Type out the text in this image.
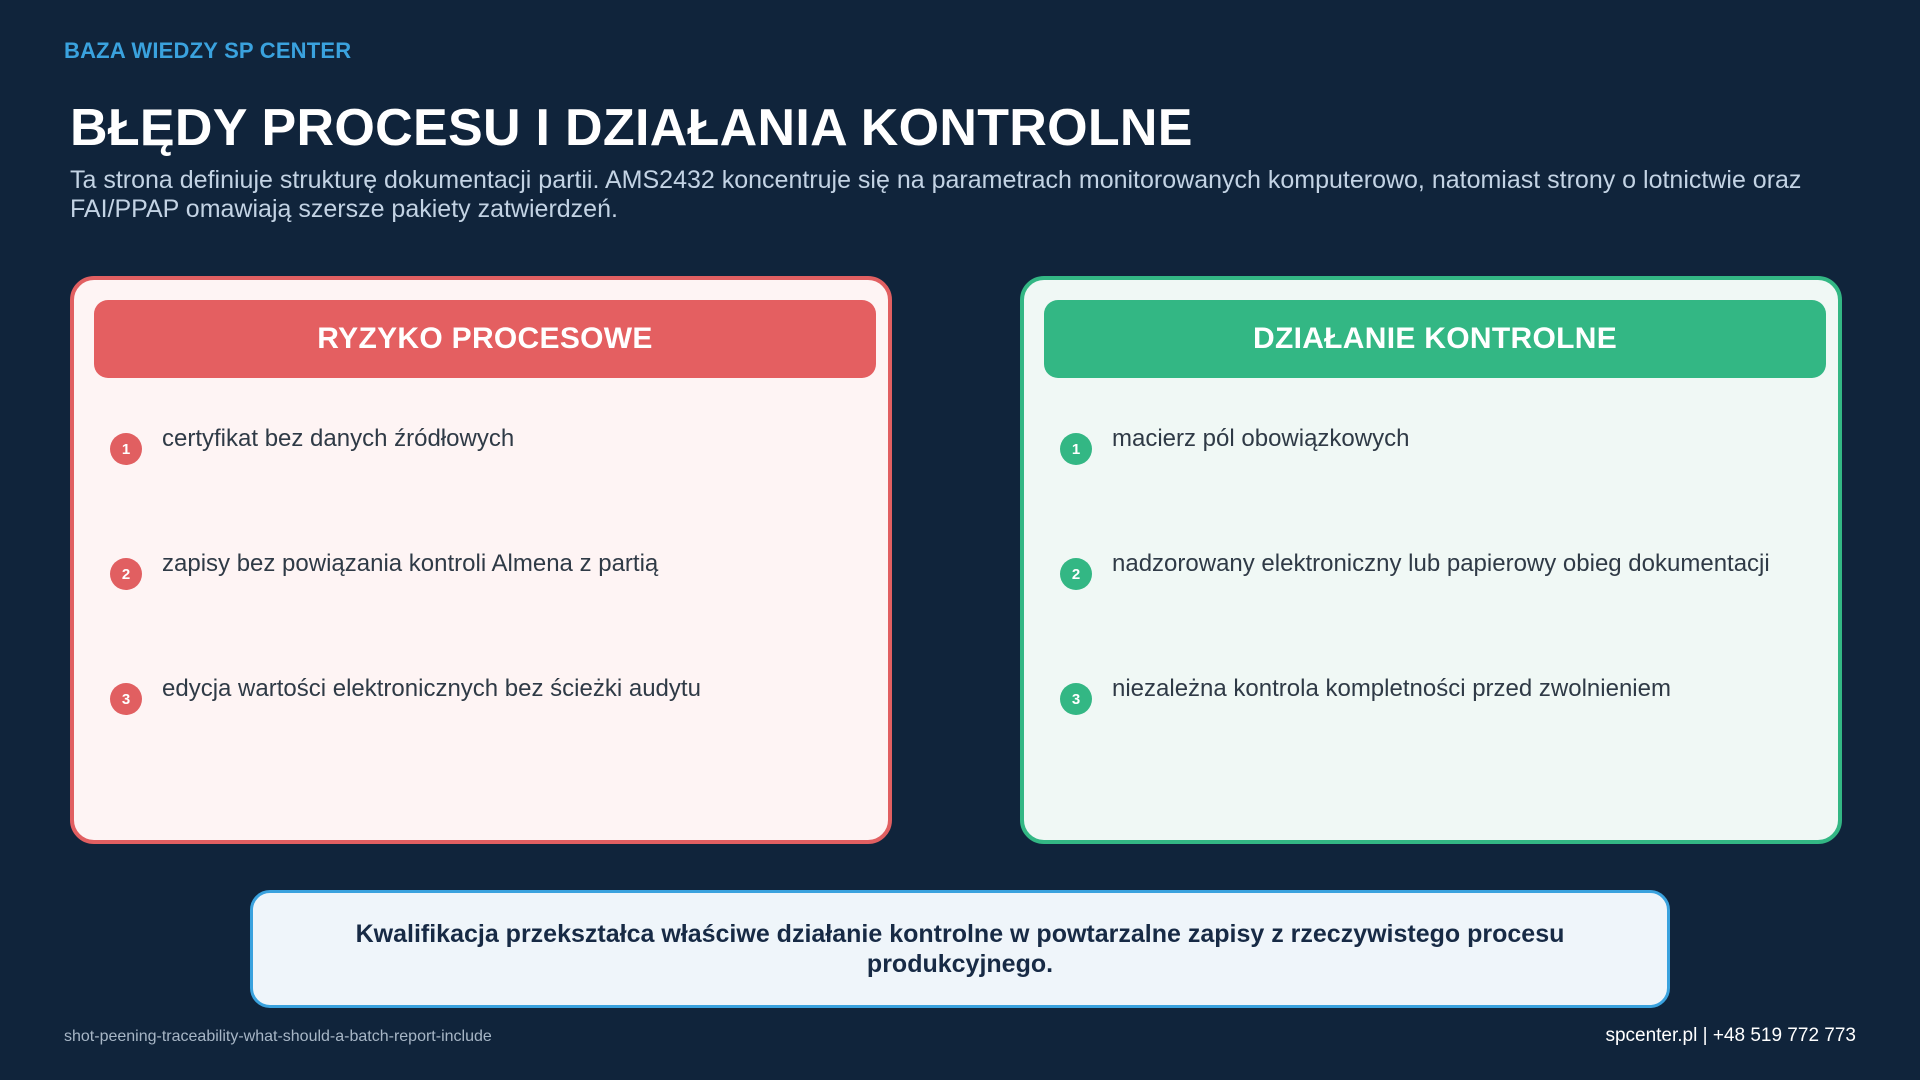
BAZA WIEDZY SP CENTER
BŁĘDY PROCESU I DZIAŁANIA KONTROLNE

Ta strona definiuje strukturę dokumentacji partii. AMS2432 koncentruje się na parametrach monitorowanych komputerowo, natomiast strony o lotnictwie oraz FAI/PPAP omawiają szersze pakiety zatwierdzeń.

RYZYKO PROCESOWE
1	certyfikat bez danych źródłowych
2	zapisy bez powiązania kontroli Almena z partią
3	edycja wartości elektronicznych bez ścieżki audytu
DZIAŁANIE KONTROLNE
1	macierz pól obowiązkowych
2	nadzorowany elektroniczny lub papierowy obieg dokumentacji
3	niezależna kontrola kompletności przed zwolnieniem
Kwalifikacja przekształca właściwe działanie kontrolne w powtarzalne zapisy z rzeczywistego procesu produkcyjnego.
shot-peening-traceability-what-should-a-batch-report-include	spcenter.pl | +48 519 772 773
